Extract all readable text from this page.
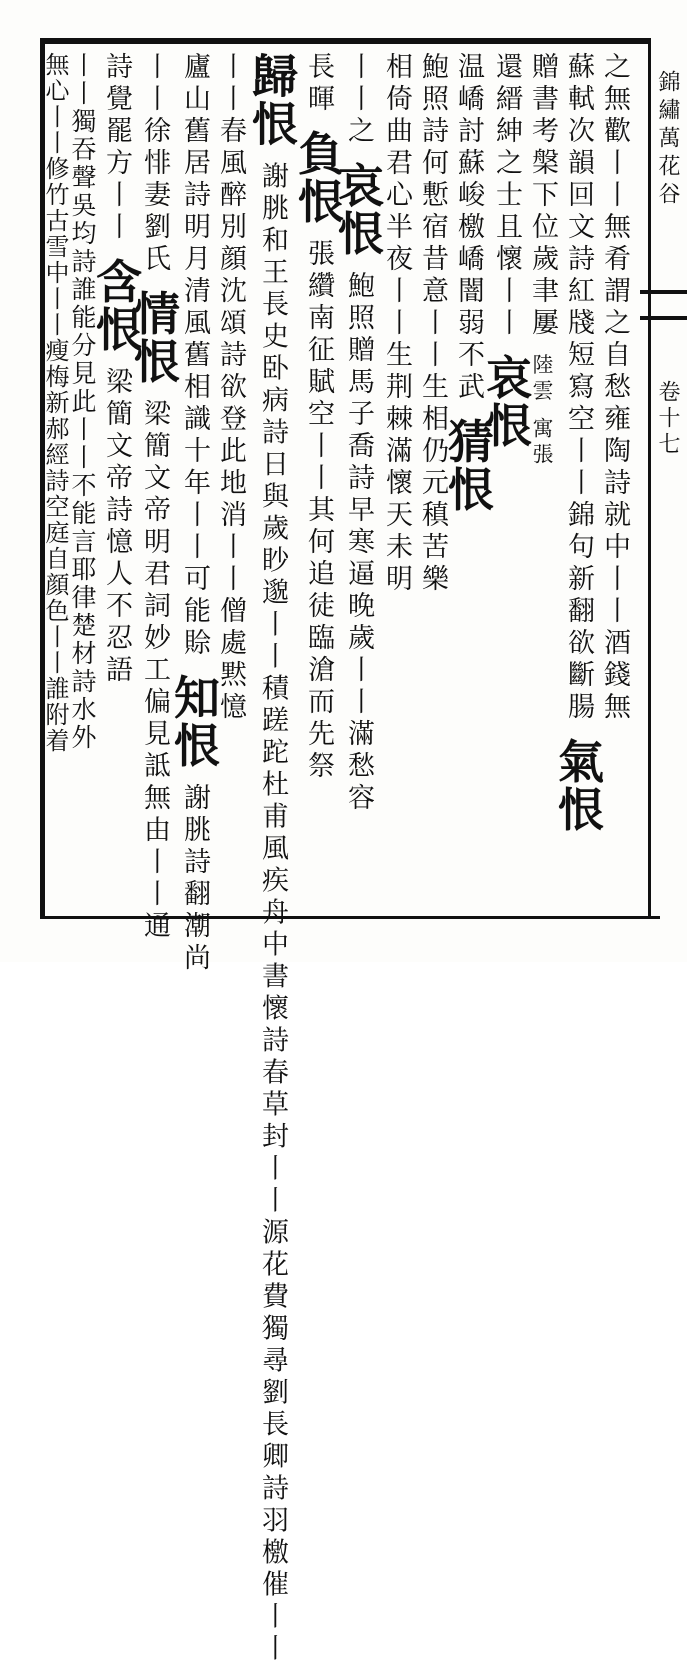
錦繡萬花谷
卷十七
之無歡丨丨無肴謂之自愁雍陶詩就中丨丨酒錢無
蘇軾次韻回文詩紅牋短寫空丨丨錦句新翻欲斷腸 氣恨
贈書考槃下位歲聿屢 陸雲 寓張
還縉紳之士且懷丨丨 哀恨
温嶠討蘇峻檄嶠闇弱不武 猜恨
鮑照詩何慙宿昔意丨丨生相仍元稹苦樂
相倚曲君心半夜丨丨生荆棘滿懷天未明
丨丨之 哀恨 鮑照贈馬子喬詩早寒逼晚歲丨丨滿愁容
長暉 負恨 張纘南征賦空丨丨其何追徒臨滄而先祭
歸恨 謝朓和王長史卧病詩日與歲眇邈丨丨積蹉跎杜甫風疾舟中書懷詩春草封丨丨源花費獨尋劉長卿詩羽檄催丨丨
丨丨春風醉別顔沈頌詩欲登此地消丨丨僧處黙憶
廬山舊居詩明月清風舊相識十年丨丨可能賒 知恨 謝朓詩翻潮尚
丨丨徐悱妻劉氏 情恨 梁簡文帝明君詞妙工偏見詆無由丨丨通
詩覺罷方丨丨 含恨 梁簡文帝詩憶人不忍語
丨丨獨吞聲吳均詩誰能分見此丨丨不能言耶律楚材詩水外
無心丨丨修竹古雪中丨丨瘦梅新郝經詩空庭自顔色丨丨誰附着
